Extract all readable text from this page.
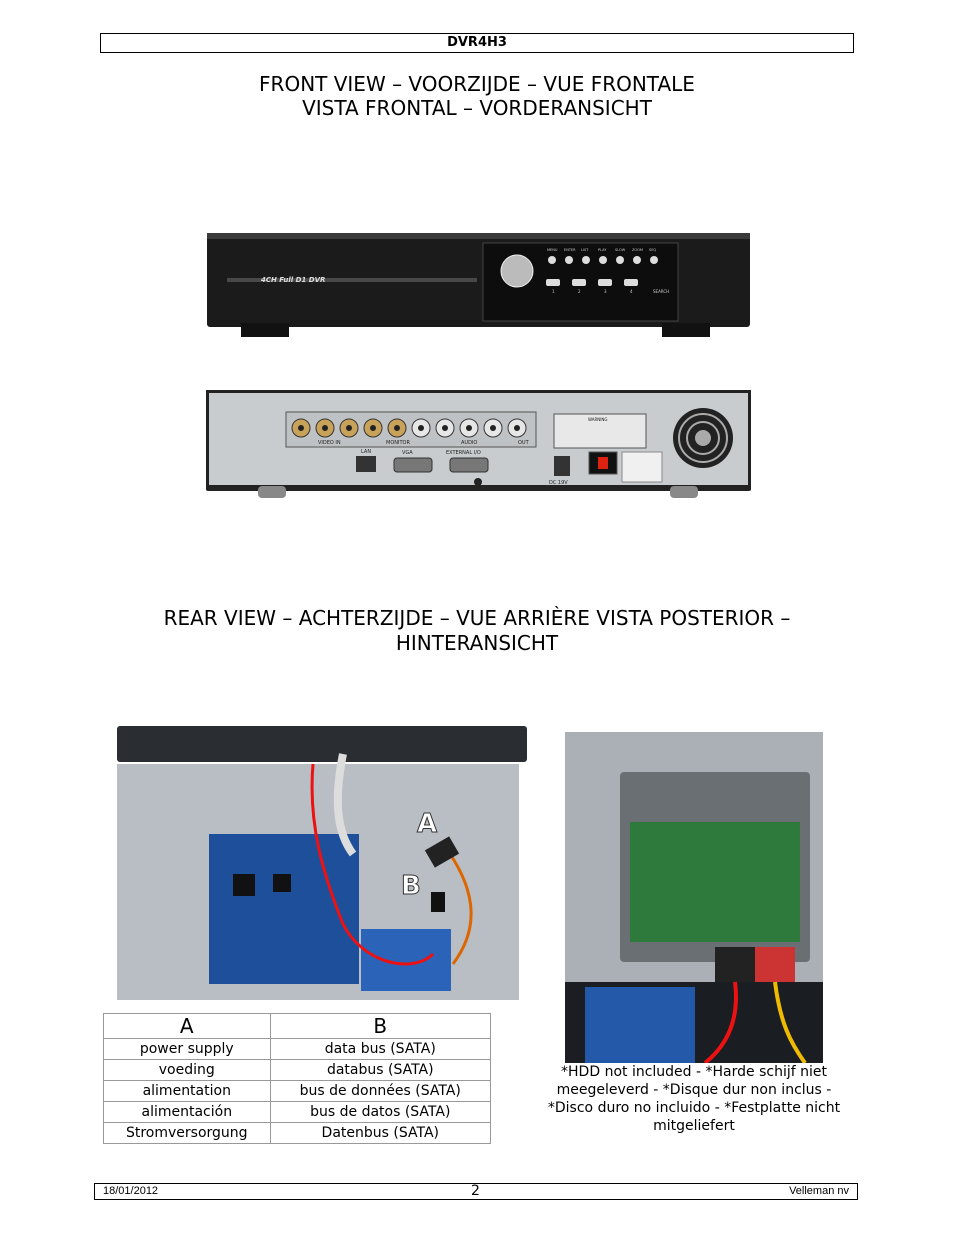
DVR4H3
FRONT VIEW – VOORZIJDE – VUE FRONTALE
VISTA FRONTAL – VORDERANSICHT
4CH Full D1 DVR
MENU ENTER LIST	PLAY SLOW ZOOM SEQ
1	2	3	4	SEARCH
VIDEO IN	MONITOR	AUDIO	OUT
LAN	VGA	EXTERNAL I/O
WARNING
DC 19V
REAR VIEW – ACHTERZIJDE – VUE ARRIÈRE VISTA POSTERIOR –
HINTERANSICHT
A
B
A	B
power supply	data bus (SATA)
voeding	databus (SATA)
alimentation	bus de données (SATA)
alimentación	bus de datos (SATA)
Stromversorgung	Datenbus (SATA)
*HDD not included - *Harde schijf niet meegeleverd - *Disque dur non inclus - *Disco duro no incluido - *Festplatte nicht mitgeliefert
18/01/2012	2	Velleman nv
